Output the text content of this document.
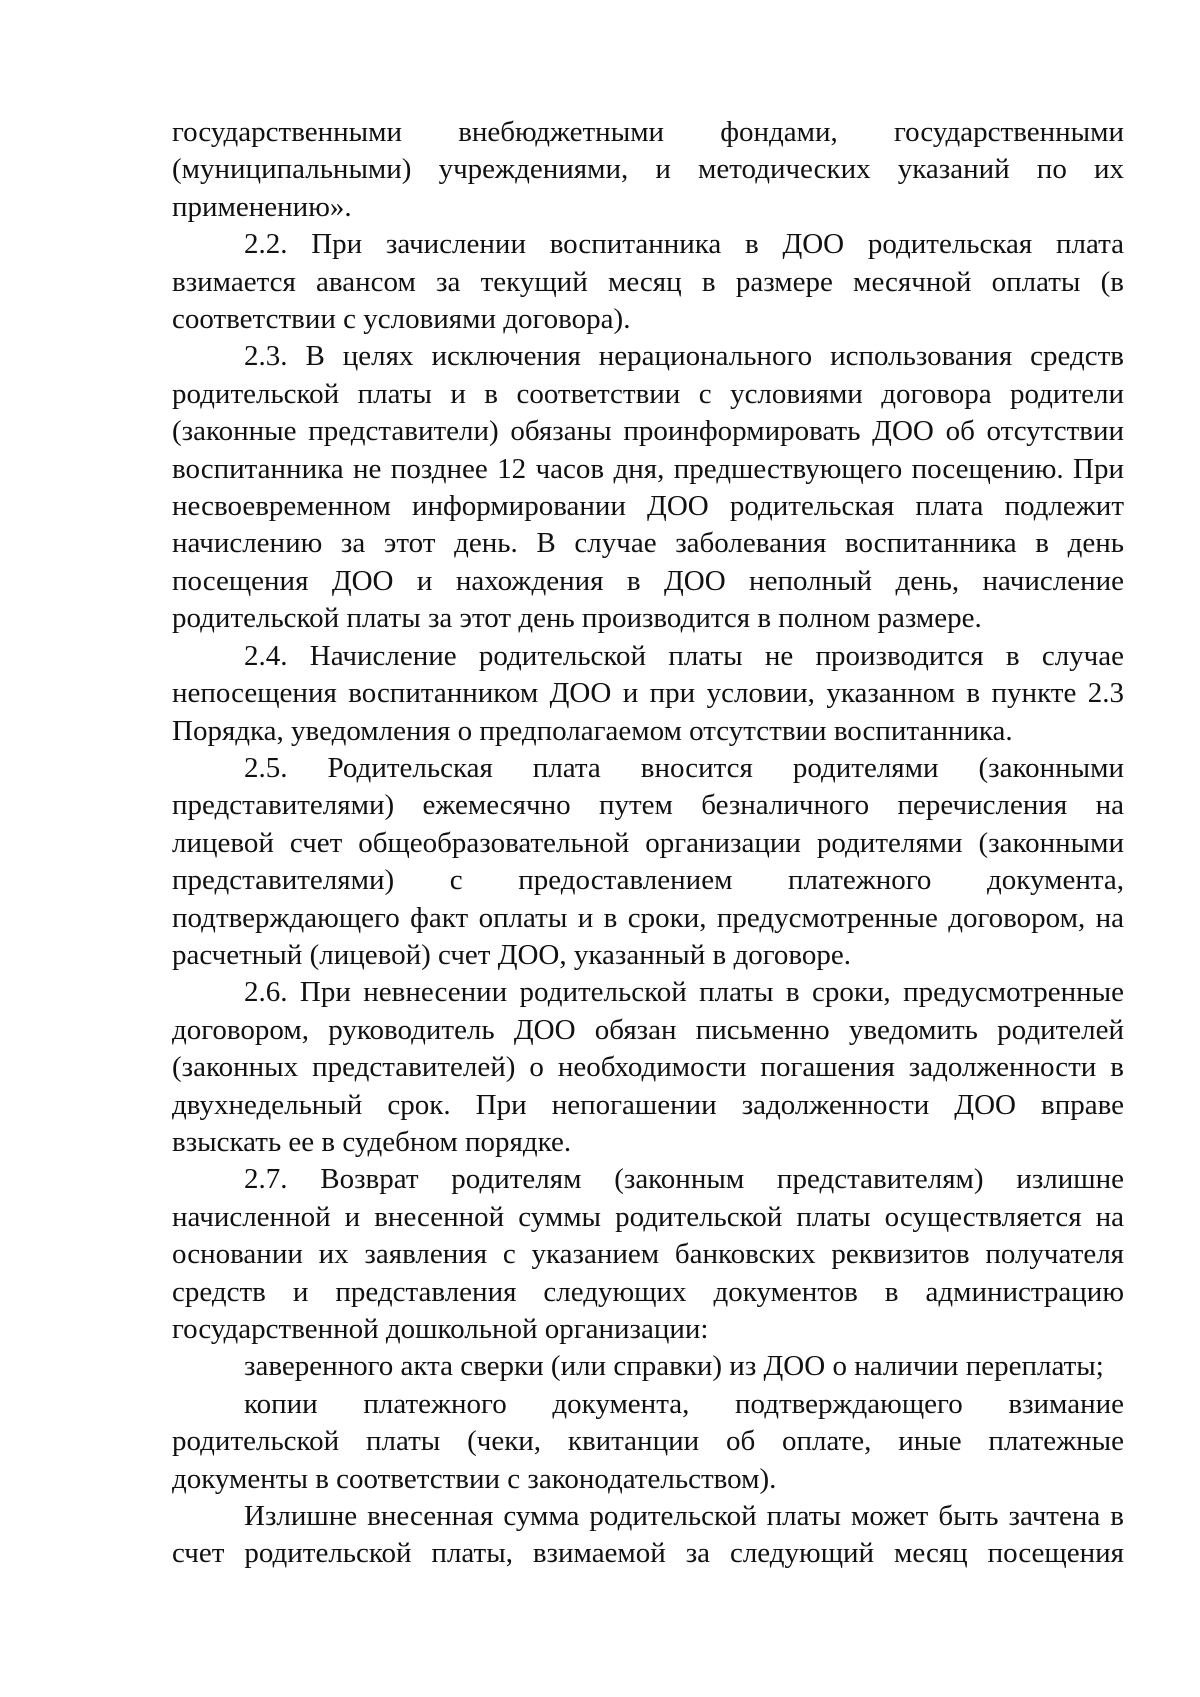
государственными внебюджетными фондами, государственными (муниципальными) учреждениями, и методических указаний по их применению».

2.2. При зачислении воспитанника в ДОО родительская плата взимается авансом за текущий месяц в размере месячной оплаты (в соответствии с условиями договора).

2.3. В целях исключения нерационального использования средств родительской платы и в соответствии с условиями договора родители (законные представители) обязаны проинформировать ДОО об отсутствии воспитанника не позднее 12 часов дня, предшествующего посещению. При несвоевременном информировании ДОО родительская плата подлежит начислению за этот день. В случае заболевания воспитанника в день посещения ДОО и нахождения в ДОО неполный день, начисление родительской платы за этот день производится в полном размере.

2.4. Начисление родительской платы не производится в случае непосещения воспитанником ДОО и при условии, указанном в пункте 2.3 Порядка, уведомления о предполагаемом отсутствии воспитанника.

2.5. Родительская плата вносится родителями (законными представителями) ежемесячно путем безналичного перечисления на лицевой счет общеобразовательной организации родителями (законными представителями) с предоставлением платежного документа, подтверждающего факт оплаты и в сроки, предусмотренные договором, на расчетный (лицевой) счет ДОО, указанный в договоре.

2.6. При невнесении родительской платы в сроки, предусмотренные договором, руководитель ДОО обязан письменно уведомить родителей (законных представителей) о необходимости погашения задолженности в двухнедельный срок. При непогашении задолженности ДОО вправе взыскать ее в судебном порядке.

2.7. Возврат родителям (законным представителям) излишне начисленной и внесенной суммы родительской платы осуществляется на основании их заявления с указанием банковских реквизитов получателя средств и представления следующих документов в администрацию государственной дошкольной организации:

заверенного акта сверки (или справки) из ДОО о наличии переплаты;

копии платежного документа, подтверждающего взимание родительской платы (чеки, квитанции об оплате, иные платежные документы в соответствии с законодательством).

Излишне внесенная сумма родительской платы может быть зачтена в счет родительской платы, взимаемой за следующий месяц посещения
